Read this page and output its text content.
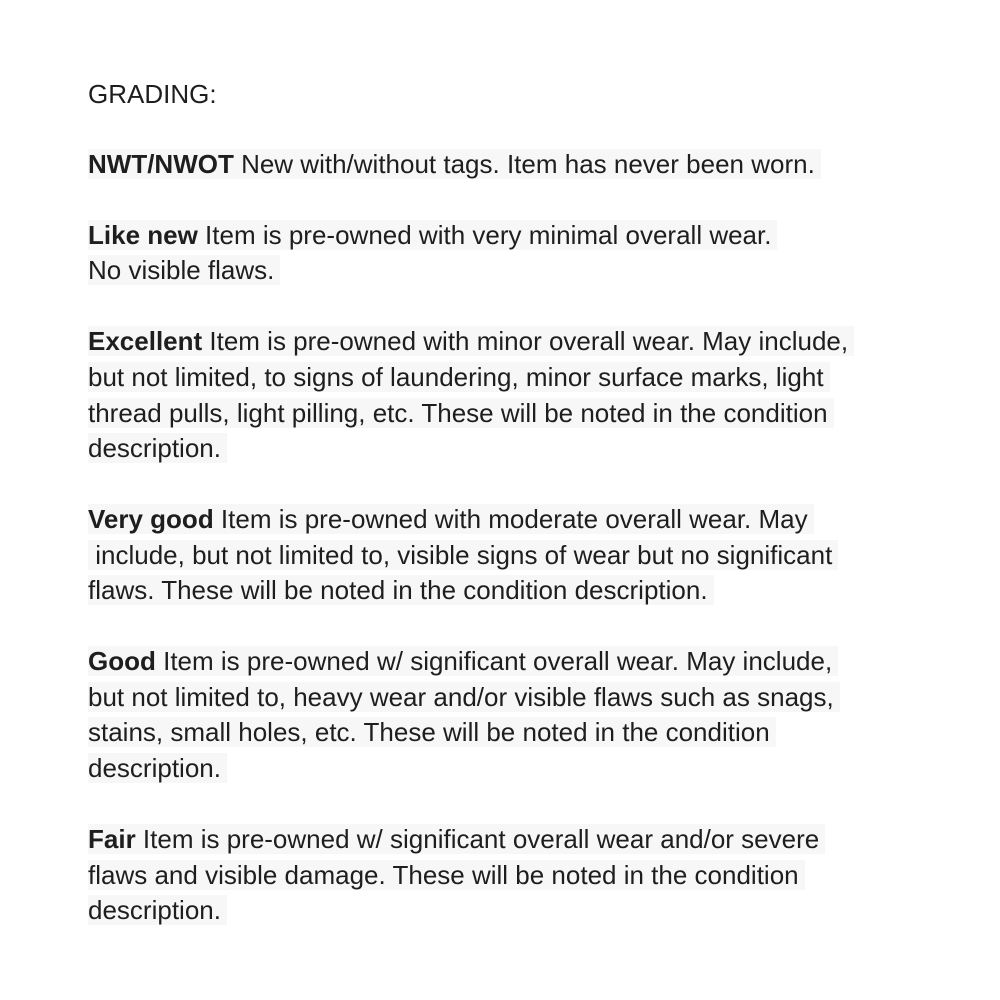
GRADING:
NWT/NWOT New with/without tags. Item has never been worn.
Like new Item is pre-owned with very minimal overall wear.
No visible flaws.
Excellent Item is pre-owned with minor overall wear. May include,
but not limited, to signs of laundering, minor surface marks, light
thread pulls, light pilling, etc. These will be noted in the condition
description.
Very good Item is pre-owned with moderate overall wear. May
include, but not limited to, visible signs of wear but no significant
flaws. These will be noted in the condition description.
Good Item is pre-owned w/ significant overall wear. May include,
but not limited to, heavy wear and/or visible flaws such as snags,
stains, small holes, etc. These will be noted in the condition
description.
Fair Item is pre-owned w/ significant overall wear and/or severe
flaws and visible damage. These will be noted in the condition
description.
